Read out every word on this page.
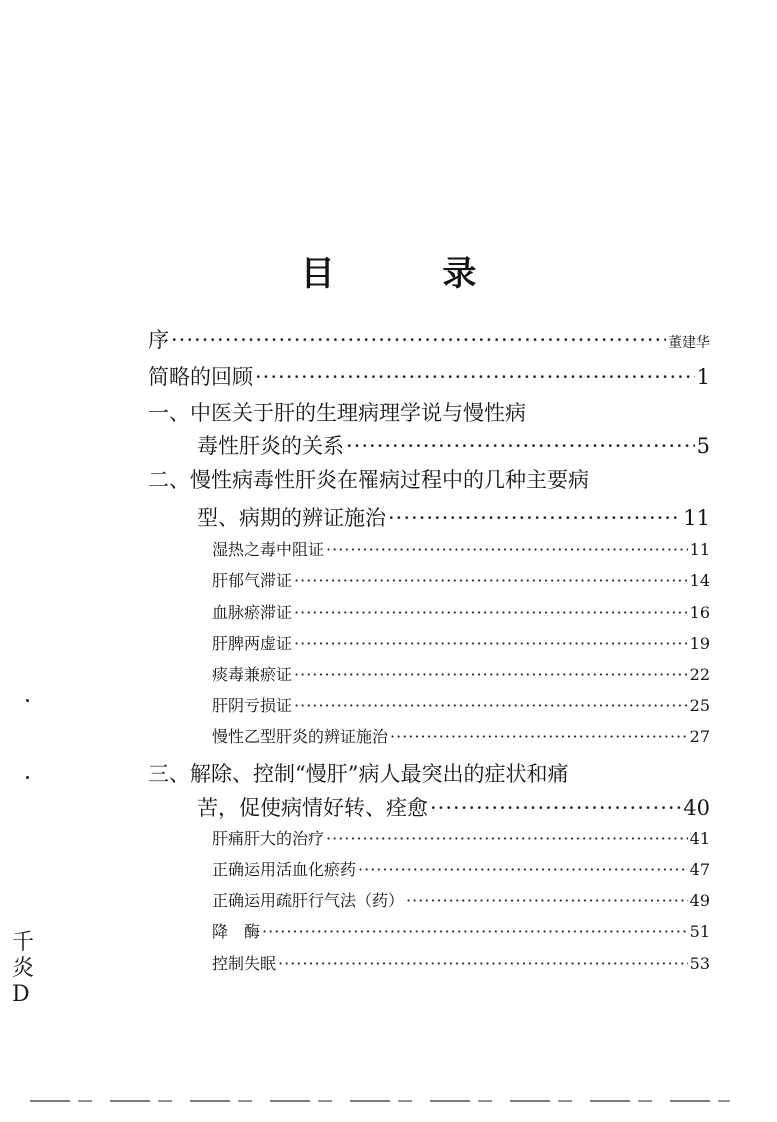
目 录
序 ·····	董建华
简略的回顾 ·····	1
一、中医关于肝的生理病理学说与慢性病
毒性肝炎的关系 ·····	5
二、慢性病毒性肝炎在罹病过程中的几种主要病
型、病期的辨证施治 ·····	11
湿热之毒中阻证 ·····	11
肝郁气滞证 ·····	14
血脉瘀滞证 ·····	16
肝脾两虚证 ·····	19
痰毒兼瘀证 ·····	22
肝阴亏损证 ·····	25
慢性乙型肝炎的辨证施治 ·····	27
三、解除、控制“慢肝”病人最突出的症状和痛
苦，促使病情好转、痊愈 ·····	40
肝痛肝大的治疗 ·····	41
正确运用活血化瘀药 ·····	47
正确运用疏肝行气法（药） ·····	49
降　酶 ·····	51
控制失眠 ·····	53
千 炎 D
